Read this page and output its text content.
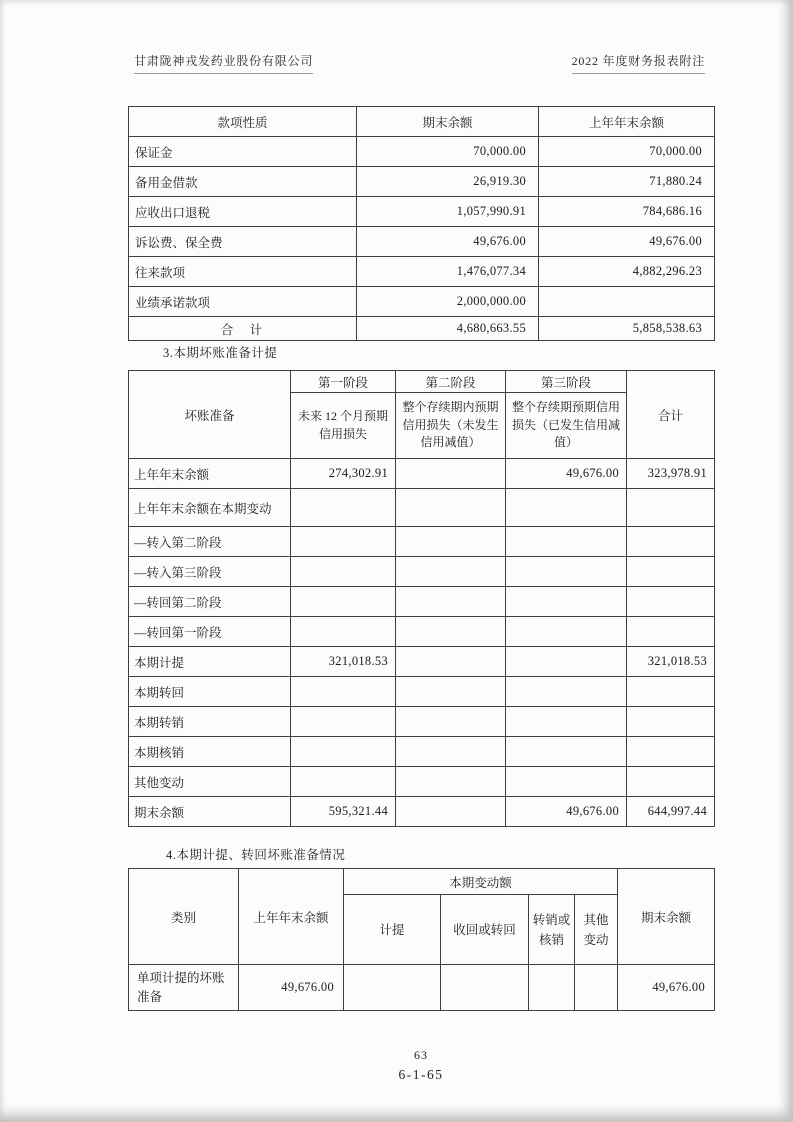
甘肃陇神戎发药业股份有限公司	2022 年度财务报表附注
款项性质	期末余额	上年年末余额
保证金	70,000.00	70,000.00
备用金借款	26,919.30	71,880.24
应收出口退税	1,057,990.91	784,686.16
诉讼费、保全费	49,676.00	49,676.00
往来款项	1,476,077.34	4,882,296.23
业绩承诺款项	2,000,000.00	
合　计	4,680,663.55	5,858,538.63
3.本期坏账准备计提
坏账准备	第一阶段	第二阶段	第三阶段	合计
	未来 12 个月预期信用损失	整个存续期内预期信用损失（未发生信用减值）	整个存续期预期信用损失（已发生信用减值）	
上年年末余额	274,302.91		49,676.00	323,978.91
上年年末余额在本期变动				
—转入第二阶段				
—转入第三阶段				
—转回第二阶段				
—转回第一阶段				
本期计提	321,018.53			321,018.53
本期转回				
本期转销				
本期核销				
其他变动				
期末余额	595,321.44		49,676.00	644,997.44
4.本期计提、转回坏账准备情况
类别	上年年末余额	本期变动额				期末余额
		计提	收回或转回	转销或核销	其他变动	
单项计提的坏账准备	49,676.00					49,676.00
63
6-1-65
